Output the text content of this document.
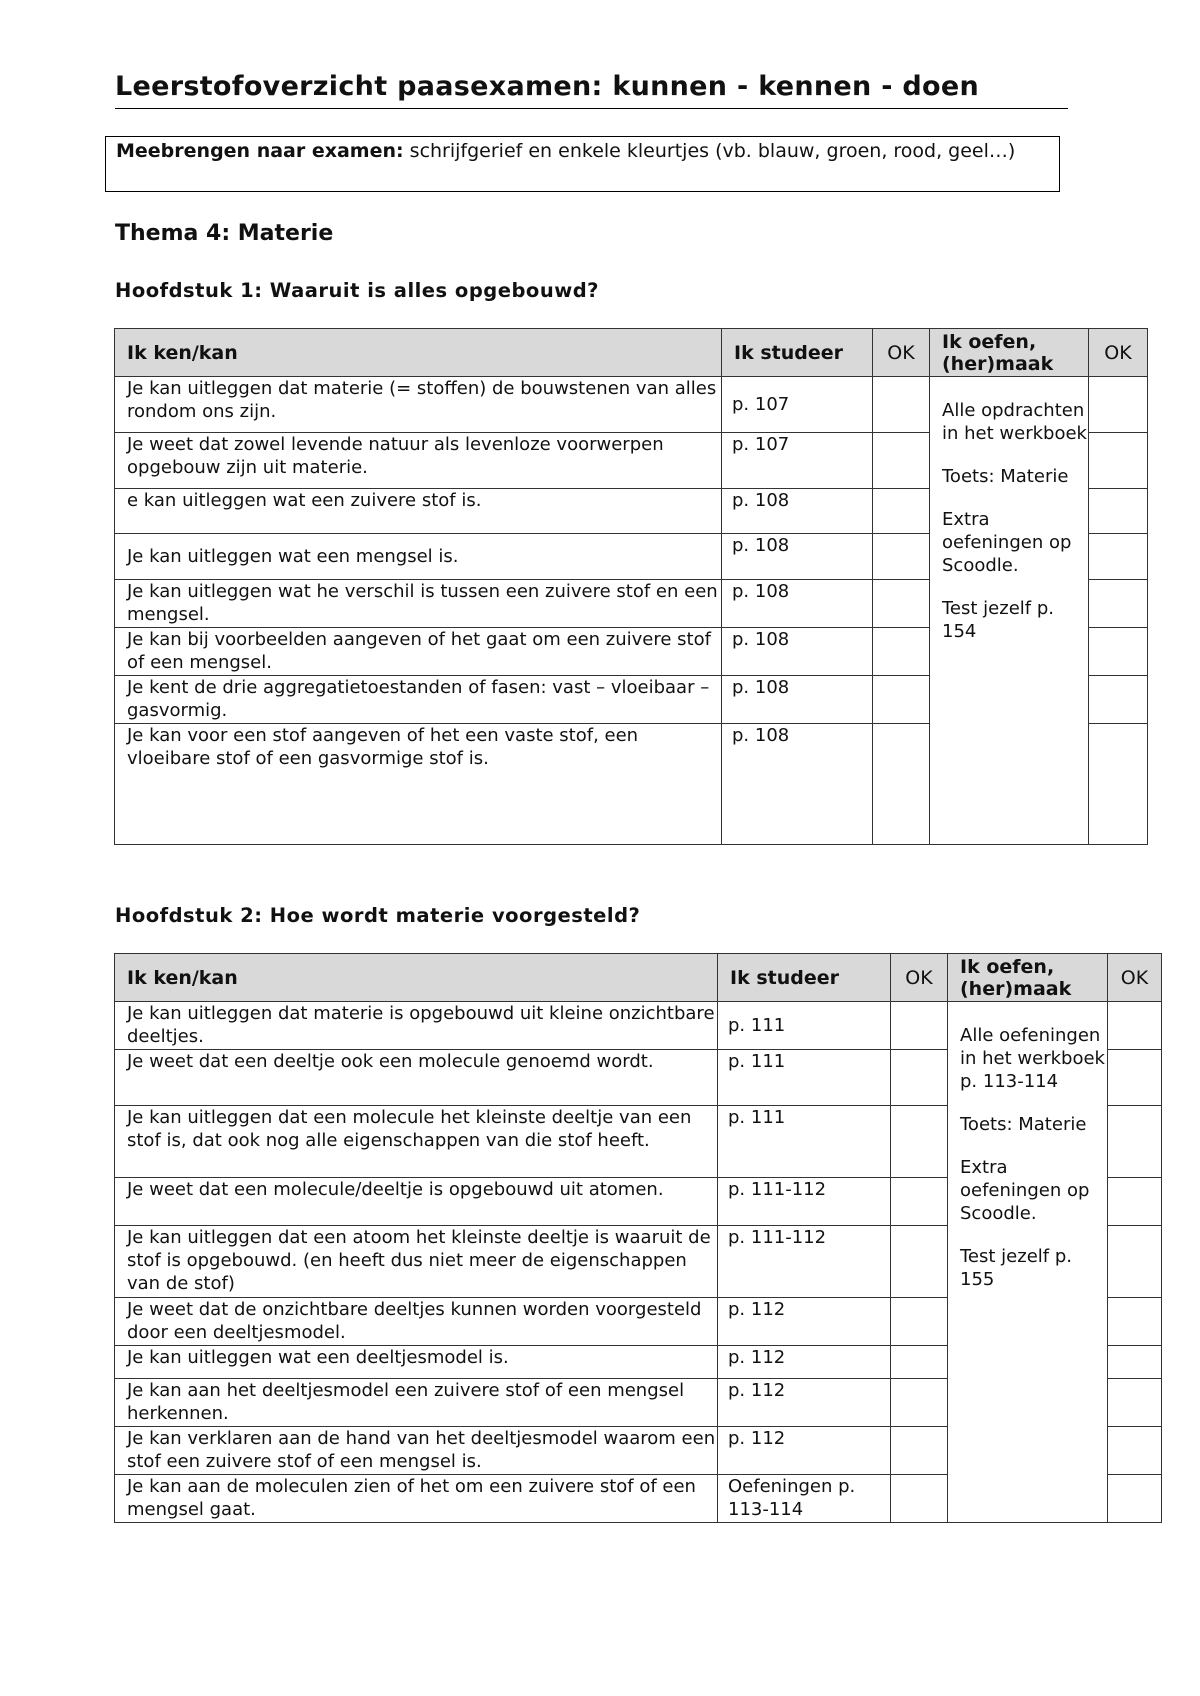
Leerstofoverzicht paasexamen: kunnen - kennen - doen
Meebrengen naar examen: schrijfgerief en enkele kleurtjes (vb. blauw, groen, rood, geel…)
Thema 4: Materie
Hoofdstuk 1: Waaruit is alles opgebouwd?
Ik ken/kan	Ik studeer	OK	Ik oefen, (her)maak	OK
Je kan uitleggen dat materie (= stoffen) de bouwstenen van alles rondom ons zijn.	p. 107		Alle opdrachten in het werkboek

Toets: Materie

Extra oefeningen op Scoodle.

Test jezelf p. 154	

Je weet dat zowel levende natuur als levenloze voorwerpen opgebouw zijn uit materie.	p. 107			
e kan uitleggen wat een zuivere stof is.	p. 108			
Je kan uitleggen wat een mengsel is.	p. 108			
Je kan uitleggen wat he verschil is tussen een zuivere stof en een mengsel.	p. 108			
Je kan bij voorbeelden aangeven of het gaat om een zuivere stof of een mengsel.	p. 108			
Je kent de drie aggregatietoestanden of fasen: vast – vloeibaar – gasvormig.	p. 108			
Je kan voor een stof aangeven of het een vaste stof, een vloeibare stof of een gasvormige stof is.	p. 108			
Hoofdstuk 2: Hoe wordt materie voorgesteld?
Ik ken/kan	Ik studeer	OK	Ik oefen, (her)maak	OK
Je kan uitleggen dat materie is opgebouwd uit kleine onzichtbare deeltjes.	p. 111		Alle oefeningen in het werkboek p. 113-114

Toets: Materie

Extra oefeningen op Scoodle.

Test jezelf p. 155	

Je weet dat een deeltje ook een molecule genoemd wordt.	p. 111			
Je kan uitleggen dat een molecule het kleinste deeltje van een stof is, dat ook nog alle eigenschappen van die stof heeft.	p. 111			
Je weet dat een molecule/deeltje is opgebouwd uit atomen.	p. 111-112			
Je kan uitleggen dat een atoom het kleinste deeltje is waaruit de stof is opgebouwd. (en heeft dus niet meer de eigenschappen van de stof)	p. 111-112			
Je weet dat de onzichtbare deeltjes kunnen worden voorgesteld door een deeltjesmodel.	p. 112			
Je kan uitleggen wat een deeltjesmodel is.	p. 112			
Je kan aan het deeltjesmodel een zuivere stof of een mengsel herkennen.	p. 112			
Je kan verklaren aan de hand van het deeltjesmodel waarom een stof een zuivere stof of een mengsel is.	p. 112			
Je kan aan de moleculen zien of het om een zuivere stof of een mengsel gaat.	Oefeningen p. 113-114			
